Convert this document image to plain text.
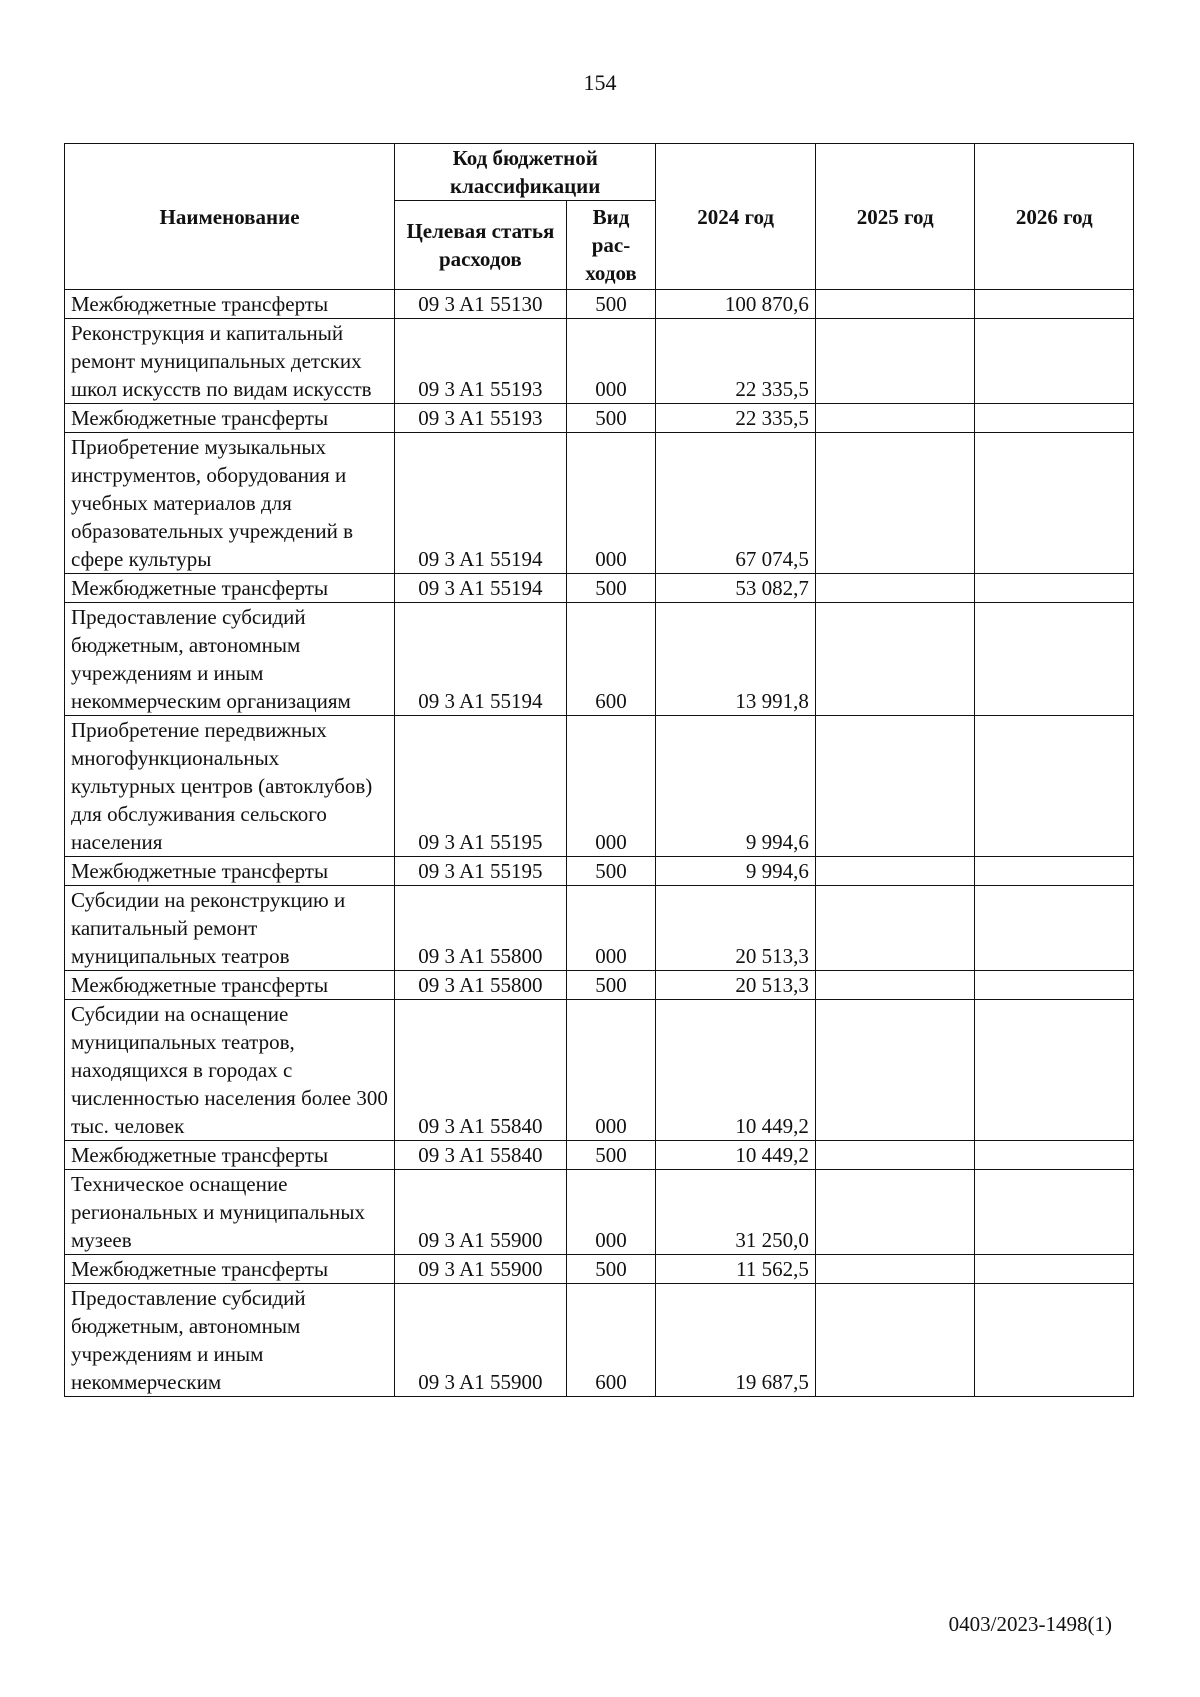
154
Наименование	Код бюджетной классификации		2024 год	2025 год	2026 год
	Целевая статья расходов	Вид рас- ходов			
Межбюджетные трансферты	09 3 A1 55130	500	100 870,6		
Реконструкция и капитальный ремонт муниципальных детских школ искусств по видам искусств	09 3 A1 55193	000	22 335,5		
Межбюджетные трансферты	09 3 A1 55193	500	22 335,5		
Приобретение музыкальных инструментов, оборудования и учебных материалов для образовательных учреждений в сфере культуры	09 3 A1 55194	000	67 074,5		
Межбюджетные трансферты	09 3 A1 55194	500	53 082,7		
Предоставление субсидий бюджетным, автономным учреждениям и иным некоммерческим организациям	09 3 A1 55194	600	13 991,8		
Приобретение передвижных многофункциональных культурных центров (автоклубов) для обслуживания сельского населения	09 3 A1 55195	000	9 994,6		
Межбюджетные трансферты	09 3 A1 55195	500	9 994,6		
Субсидии на реконструкцию и капитальный ремонт муниципальных театров	09 3 A1 55800	000	20 513,3		
Межбюджетные трансферты	09 3 A1 55800	500	20 513,3		
Субсидии на оснащение муниципальных театров, находящихся в городах с численностью населения более 300 тыс. человек	09 3 A1 55840	000	10 449,2		
Межбюджетные трансферты	09 3 A1 55840	500	10 449,2		
Техническое оснащение региональных и муниципальных музеев	09 3 A1 55900	000	31 250,0		
Межбюджетные трансферты	09 3 A1 55900	500	11 562,5		
Предоставление субсидий бюджетным, автономным учреждениям и иным некоммерческим	09 3 A1 55900	600	19 687,5		
0403/2023-1498(1)
